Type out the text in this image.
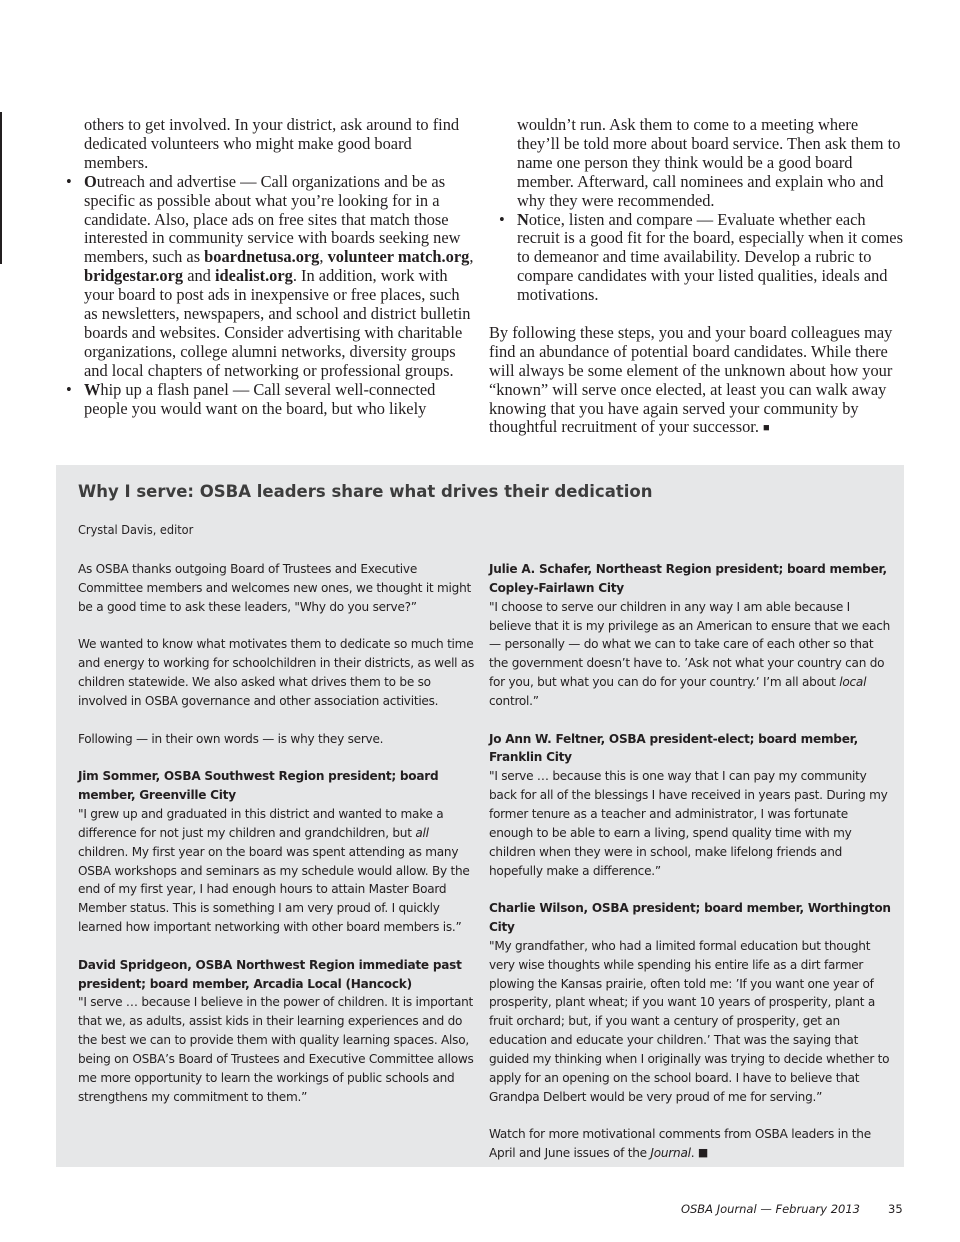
others to get involved. In your district, ask around to find dedicated volunteers who might make good board members.

• Outreach and advertise — Call organizations and be as specific as possible about what you’re looking for in a candidate. Also, place ads on free sites that match those interested in community service with boards seeking new members, such as boardnetusa.org, volunteer match.org, bridgestar.org and idealist.org. In addition, work with your board to post ads in inexpensive or free places, such as newsletters, newspapers, and school and district bulletin boards and websites. Consider advertising with charitable organizations, college alumni networks, diversity groups and local chapters of networking or professional groups.
• Whip up a flash panel — Call several well-connected people you would want on the board, but who likely

wouldn’t run. Ask them to come to a meeting where they’ll be told more about board service. Then ask them to name one person they think would be a good board member. Afterward, call nominees and explain who and why they were recommended.

• Notice, listen and compare — Evaluate whether each recruit is a good fit for the board, especially when it comes to demeanor and time availability. Develop a rubric to compare candidates with your listed qualities, ideals and motivations.

By following these steps, you and your board colleagues may find an abundance of potential board candidates. While there will always be some element of the unknown about how your “known” will serve once elected, at least you can walk away knowing that you have again served your community by thoughtful recruitment of your successor. ■

Why I serve: OSBA leaders share what drives their dedication

Crystal Davis, editor

As OSBA thanks outgoing Board of Trustees and Executive Committee members and welcomes new ones, we thought it might be a good time to ask these leaders, "Why do you serve?”

We wanted to know what motivates them to dedicate so much time and energy to working for schoolchildren in their districts, as well as children statewide. We also asked what drives them to be so involved in OSBA governance and other association activities.

Following — in their own words — is why they serve.

Jim Sommer, OSBA Southwest Region president; board member, Greenville City

"I grew up and graduated in this district and wanted to make a difference for not just my children and grandchildren, but all children. My first year on the board was spent attending as many OSBA workshops and seminars as my schedule would allow. By the end of my first year, I had enough hours to attain Master Board Member status. This is something I am very proud of. I quickly learned how important networking with other board members is.”

David Spridgeon, OSBA Northwest Region immediate past president; board member, Arcadia Local (Hancock)

"I serve … because I believe in the power of children. It is important that we, as adults, assist kids in their learning experiences and do the best we can to provide them with quality learning spaces. Also, being on OSBA’s Board of Trustees and Executive Committee allows me more opportunity to learn the workings of public schools and strengthens my commitment to them.”

Julie A. Schafer, Northeast Region president; board member, Copley-Fairlawn City

"I choose to serve our children in any way I am able because I believe that it is my privilege as an American to ensure that we each — personally — do what we can to take care of each other so that the government doesn’t have to. ’Ask not what your country can do for you, but what you can do for your country.’ I’m all about local control.”

Jo Ann W. Feltner, OSBA president-elect; board member, Franklin City

"I serve … because this is one way that I can pay my community back for all of the blessings I have received in years past. During my former tenure as a teacher and administrator, I was fortunate enough to be able to earn a living, spend quality time with my children when they were in school, make lifelong friends and hopefully make a difference.”

Charlie Wilson, OSBA president; board member, Worthington City

"My grandfather, who had a limited formal education but thought very wise thoughts while spending his entire life as a dirt farmer plowing the Kansas prairie, often told me: ’If you want one year of prosperity, plant wheat; if you want 10 years of prosperity, plant a fruit orchard; but, if you want a century of prosperity, get an education and educate your children.’ That was the saying that guided my thinking when I originally was trying to decide whether to apply for an opening on the school board. I have to believe that Grandpa Delbert would be very proud of me for serving.”

Watch for more motivational comments from OSBA leaders in the April and June issues of the Journal. ■

OSBA Journal — February 2013 35
